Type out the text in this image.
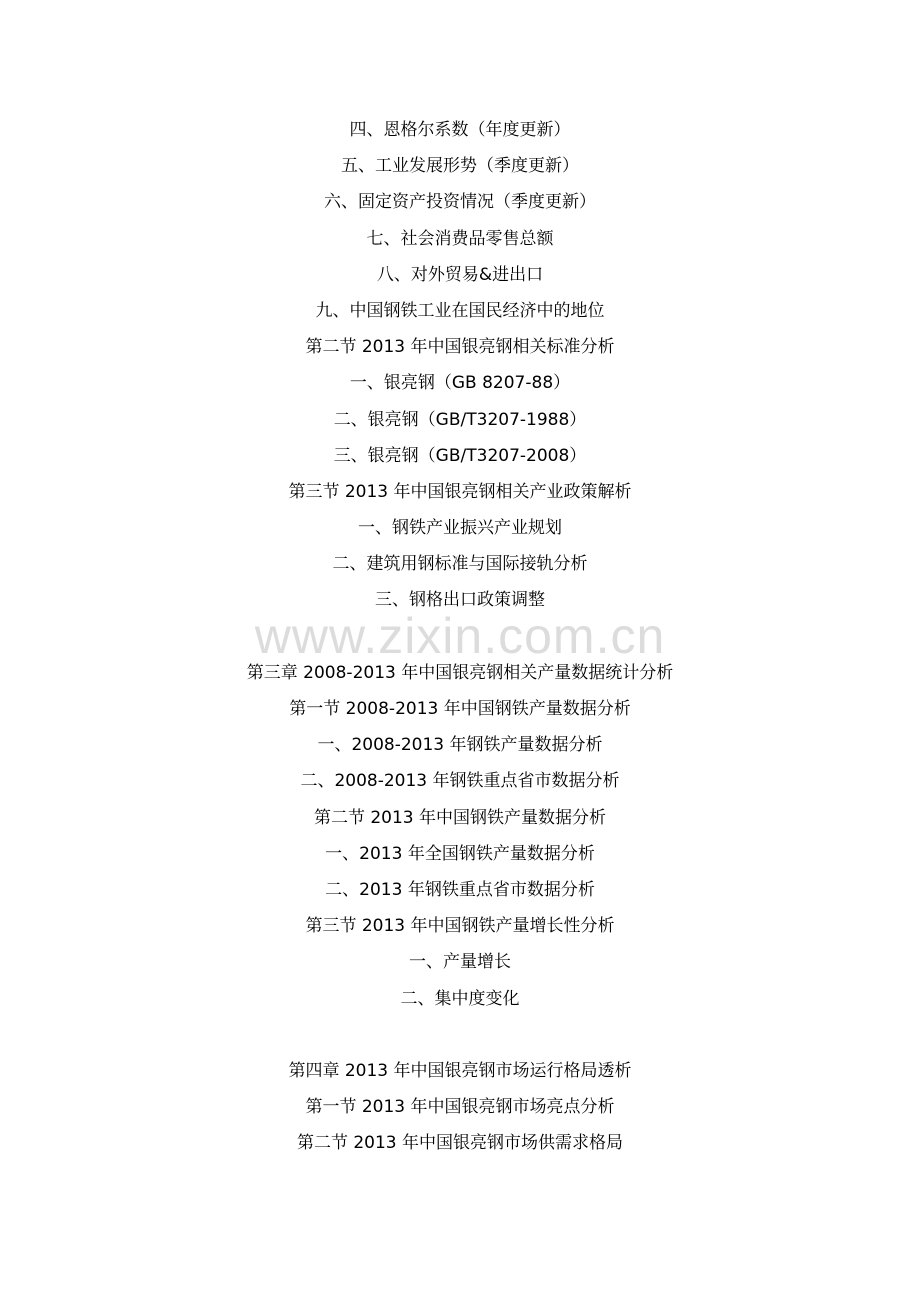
www.zixin.com.cn
四、恩格尔系数（年度更新）
五、工业发展形势（季度更新）
六、固定资产投资情况（季度更新）
七、社会消费品零售总额
八、对外贸易&进出口
九、中国钢铁工业在国民经济中的地位
第二节 2013 年中国银亮钢相关标准分析
一、银亮钢（GB 8207-88）
二、银亮钢（GB/T3207-1988）
三、银亮钢（GB/T3207-2008）
第三节 2013 年中国银亮钢相关产业政策解析
一、钢铁产业振兴产业规划
二、建筑用钢标准与国际接轨分析
三、钢格出口政策调整
第三章 2008-2013 年中国银亮钢相关产量数据统计分析
第一节 2008-2013 年中国钢铁产量数据分析
一、2008-2013 年钢铁产量数据分析
二、2008-2013 年钢铁重点省市数据分析
第二节 2013 年中国钢铁产量数据分析
一、2013 年全国钢铁产量数据分析
二、2013 年钢铁重点省市数据分析
第三节 2013 年中国钢铁产量增长性分析
一、产量增长
二、集中度变化
第四章 2013 年中国银亮钢市场运行格局透析
第一节 2013 年中国银亮钢市场亮点分析
第二节 2013 年中国银亮钢市场供需求格局
